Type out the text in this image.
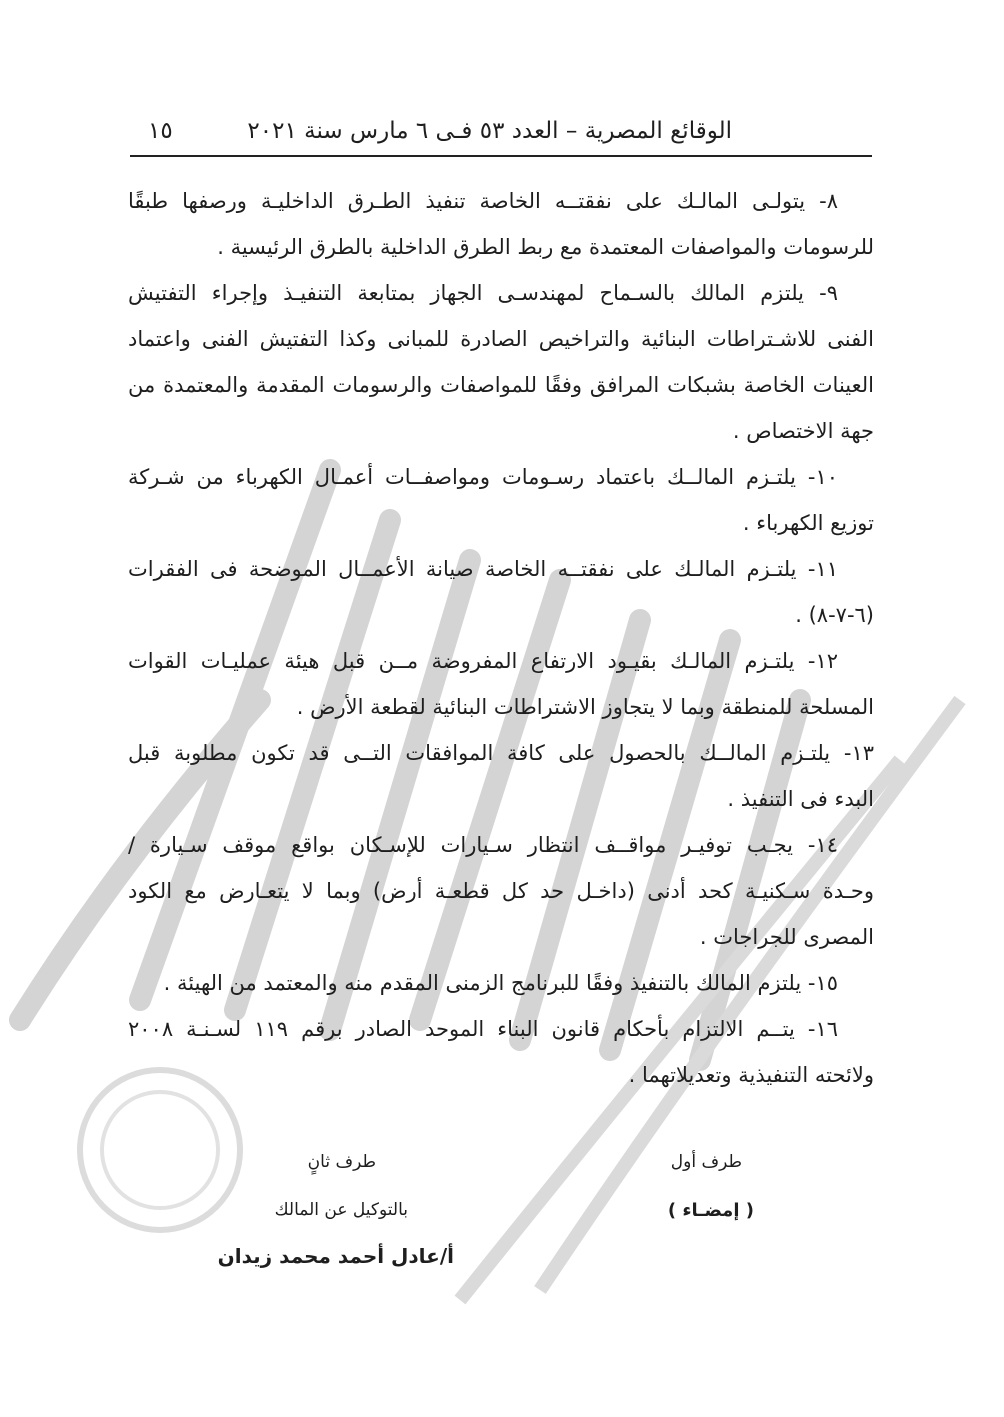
الوقائع المصرية – العدد ٥٣ فـى ٦ مارس سنة ٢٠٢١
١٥
٨- يتولـى المالـك على نفقتــه الخاصة تنفيذ الطـرق الداخليـة ورصفها طبقًا
للرسومات والمواصفات المعتمدة مع ربط الطرق الداخلية بالطرق الرئيسية .
٩- يلتزم المالك بالسـماح لمهندسـى الجهاز بمتابعة التنفيـذ وإجراء التفتيش
الفنى للاشـتراطات البنائية والتراخيص الصادرة للمبانى وكذا التفتيش الفنى واعتماد
العينات الخاصة بشبكات المرافق وفقًا للمواصفات والرسومات المقدمة والمعتمدة من
جهة الاختصاص .
١٠- يلتـزم المالــك باعتماد رسـومات ومواصفــات أعمـال الكهرباء من شـركة
توزيع الكهرباء .
١١- يلتـزم المالـك على نفقتــه الخاصة صيانة الأعمــال الموضحة فى الفقرات
(٦-٧-٨) .
١٢- يلتـزم المالـك بقيـود الارتفاع المفروضة مــن قبل هيئة عمليـات القوات
المسلحة للمنطقة وبما لا يتجاوز الاشتراطات البنائية لقطعة الأرض .
١٣- يلتـزم المالــك بالحصول على كافة الموافقات التــى قد تكون مطلوبة قبل
البدء فى التنفيذ .
١٤- يجـب توفيـر مواقــف انتظار سـيارات للإسـكان بواقع موقف سـيارة /
وحـدة سـكنيـة كحد أدنى (داخـل حد كل قطعـة أرض) وبما لا يتعـارض مع الكود
المصرى للجراجات .
١٥- يلتزم المالك بالتنفيذ وفقًا للبرنامج الزمنى المقدم منه والمعتمد من الهيئة .
١٦- يتــم الالتزام بأحكام قانون البناء الموحد الصادر برقم ١١٩ لسـنـة ٢٠٠٨
ولائحته التنفيذية وتعديلاتهما .
طرف أول
( إمضـاء )
طرف ثانٍ
بالتوكيل عن المالك
أ/عادل أحمد محمد زيدان
